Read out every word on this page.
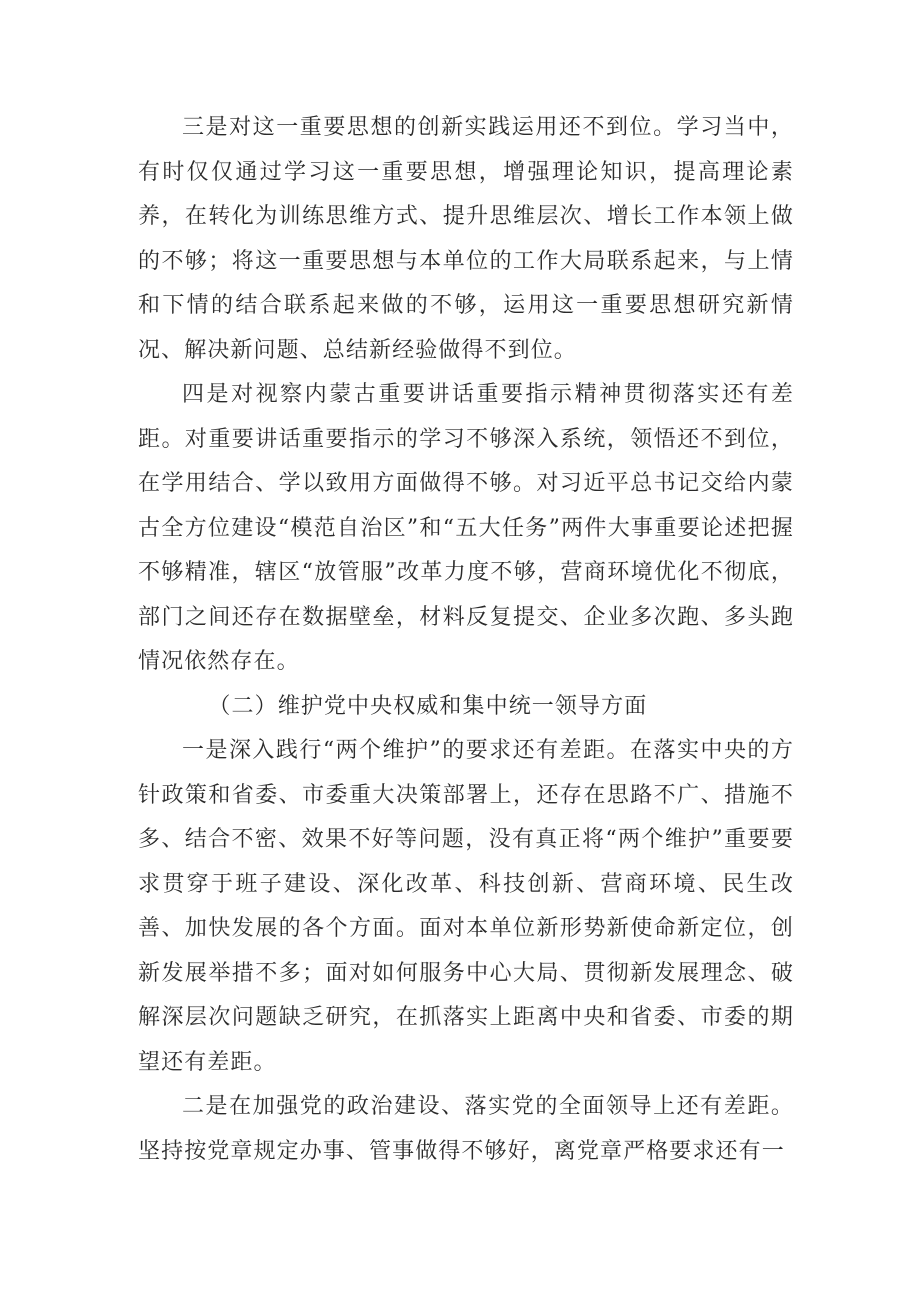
三是对这一重要思想的创新实践运用还不到位。学习当中，有时仅仅通过学习这一重要思想，增强理论知识，提高理论素养，在转化为训练思维方式、提升思维层次、增长工作本领上做的不够；将这一重要思想与本单位的工作大局联系起来，与上情和下情的结合联系起来做的不够，运用这一重要思想研究新情况、解决新问题、总结新经验做得不到位。

四是对视察内蒙古重要讲话重要指示精神贯彻落实还有差距。对重要讲话重要指示的学习不够深入系统，领悟还不到位，在学用结合、学以致用方面做得不够。对习近平总书记交给内蒙古全方位建设“模范自治区”和“五大任务”两件大事重要论述把握不够精准，辖区“放管服”改革力度不够，营商环境优化不彻底，部门之间还存在数据壁垒，材料反复提交、企业多次跑、多头跑情况依然存在。

（二）维护党中央权威和集中统一领导方面

一是深入践行“两个维护”的要求还有差距。在落实中央的方针政策和省委、市委重大决策部署上，还存在思路不广、措施不多、结合不密、效果不好等问题，没有真正将“两个维护”重要要求贯穿于班子建设、深化改革、科技创新、营商环境、民生改善、加快发展的各个方面。面对本单位新形势新使命新定位，创新发展举措不多；面对如何服务中心大局、贯彻新发展理念、破解深层次问题缺乏研究，在抓落实上距离中央和省委、市委的期望还有差距。

二是在加强党的政治建设、落实党的全面领导上还有差距。坚持按党章规定办事、管事做得不够好，离党章严格要求还有一
